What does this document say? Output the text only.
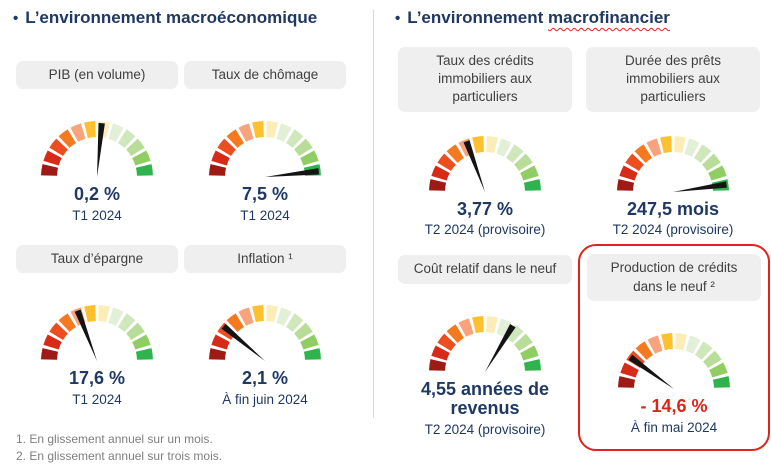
• L’environnement macroéconomique
PIB (en volume)
0,2 %
T1 2024
Taux de chômage
7,5 %
T1 2024
Taux d’épargne
17,6 %
T1 2024
Inflation ¹
2,1 %
À fin juin 2024
• L’environnement macrofinancier
Taux des crédits immobiliers aux particuliers
3,77 %
T2 2024 (provisoire)
Durée des prêts immobiliers aux particuliers
247,5 mois
T2 2024 (provisoire)
Coût relatif dans le neuf
4,55 années de revenus
T2 2024 (provisoire)
Production de crédits dans le neuf ²
- 14,6 %
À fin mai 2024
1. En glissement annuel sur un mois.
2. En glissement annuel sur trois mois.
